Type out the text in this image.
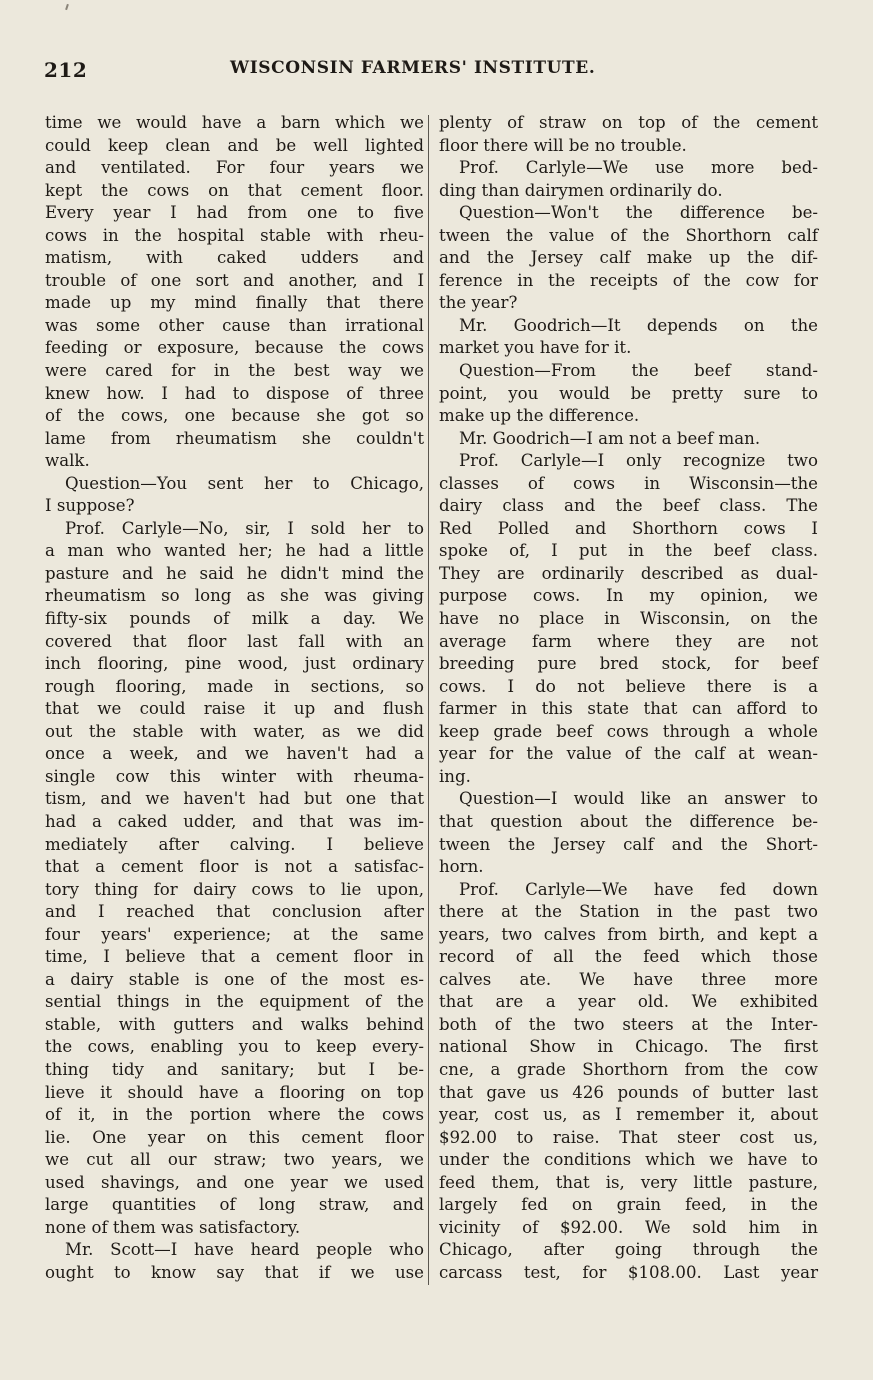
212	WISCONSIN FARMERS' INSTITUTE.

time we would have a barn which we

could keep clean and be well lighted

and ventilated. For four years we

kept the cows on that cement floor.

Every year I had from one to five

cows in the hospital stable with rheu-

matism, with caked udders and

trouble of one sort and another, and I

made up my mind finally that there

was some other cause than irrational

feeding or exposure, because the cows

were cared for in the best way we

knew how. I had to dispose of three

of the cows, one because she got so

lame from rheumatism she couldn't

walk.

Question—You sent her to Chicago,

I suppose?

Prof. Carlyle—No, sir, I sold her to

a man who wanted her; he had a little

pasture and he said he didn't mind the

rheumatism so long as she was giving

fifty-six pounds of milk a day. We

covered that floor last fall with an

inch flooring, pine wood, just ordinary

rough flooring, made in sections, so

that we could raise it up and flush

out the stable with water, as we did

once a week, and we haven't had a

single cow this winter with rheuma-

tism, and we haven't had but one that

had a caked udder, and that was im-

mediately after calving. I believe

that a cement floor is not a satisfac-

tory thing for dairy cows to lie upon,

and I reached that conclusion after

four years' experience; at the same

time, I believe that a cement floor in

a dairy stable is one of the most es-

sential things in the equipment of the

stable, with gutters and walks behind

the cows, enabling you to keep every-

thing tidy and sanitary; but I be-

lieve it should have a flooring on top

of it, in the portion where the cows

lie. One year on this cement floor

we cut all our straw; two years, we

used shavings, and one year we used

large quantities of long straw, and

none of them was satisfactory.

Mr. Scott—I have heard people who

ought to know say that if we use

plenty of straw on top of the cement

floor there will be no trouble.

Prof. Carlyle—We use more bed-

ding than dairymen ordinarily do.

Question—Won't the difference be-

tween the value of the Shorthorn calf

and the Jersey calf make up the dif-

ference in the receipts of the cow for

the year?

Mr. Goodrich—It depends on the

market you have for it.

Question—From the beef stand-

point, you would be pretty sure to

make up the difference.

Mr. Goodrich—I am not a beef man.

Prof. Carlyle—I only recognize two

classes of cows in Wisconsin—the

dairy class and the beef class. The

Red Polled and Shorthorn cows I

spoke of, I put in the beef class.

They are ordinarily described as dual-

purpose cows. In my opinion, we

have no place in Wisconsin, on the

average farm where they are not

breeding pure bred stock, for beef

cows. I do not believe there is a

farmer in this state that can afford to

keep grade beef cows through a whole

year for the value of the calf at wean-

ing.

Question—I would like an answer to

that question about the difference be-

tween the Jersey calf and the Short-

horn.

Prof. Carlyle—We have fed down

there at the Station in the past two

years, two calves from birth, and kept a

record of all the feed which those

calves ate. We have three more

that are a year old. We exhibited

both of the two steers at the Inter-

national Show in Chicago. The first

cne, a grade Shorthorn from the cow

that gave us 426 pounds of butter last

year, cost us, as I remember it, about

$92.00 to raise. That steer cost us,

under the conditions which we have to

feed them, that is, very little pasture,

largely fed on grain feed, in the

vicinity of $92.00. We sold him in

Chicago, after going through the

carcass test, for $108.00. Last year
